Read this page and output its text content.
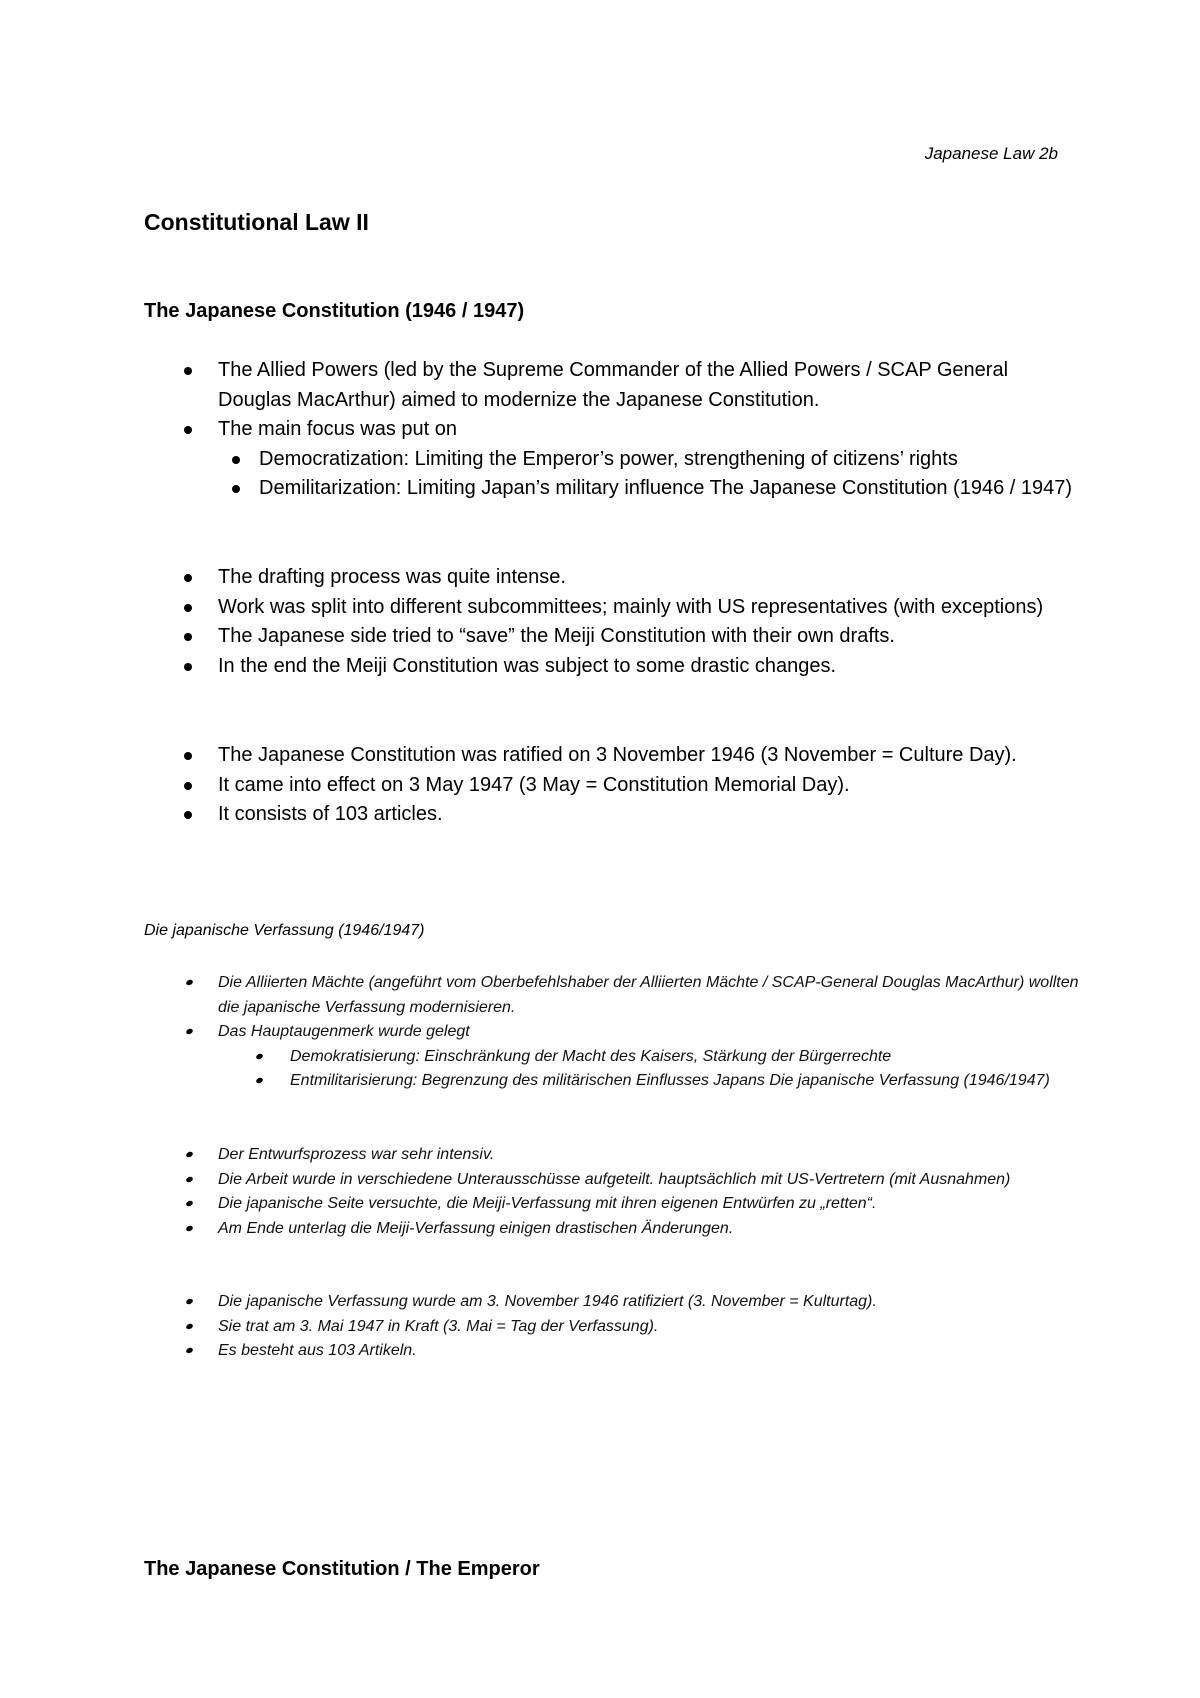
Japanese Law 2b
Constitutional Law II
The Japanese Constitution (1946 / 1947)
The Allied Powers (led by the Supreme Commander of the Allied Powers / SCAP General Douglas MacArthur) aimed to modernize the Japanese Constitution.
The main focus was put on
Democratization: Limiting the Emperor’s power, strengthening of citizens’ rights
Demilitarization: Limiting Japan’s military influence The Japanese Constitution (1946 / 1947)
The drafting process was quite intense.
Work was split into different subcommittees; mainly with US representatives (with exceptions)
The Japanese side tried to “save” the Meiji Constitution with their own drafts.
In the end the Meiji Constitution was subject to some drastic changes.
The Japanese Constitution was ratified on 3 November 1946 (3 November = Culture Day).
It came into effect on 3 May 1947 (3 May = Constitution Memorial Day).
It consists of 103 articles.
Die japanische Verfassung (1946/1947)
Die Alliierten Mächte (angeführt vom Oberbefehlshaber der Alliierten Mächte / SCAP-General Douglas MacArthur) wollten die japanische Verfassung modernisieren.
Das Hauptaugenmerk wurde gelegt
Demokratisierung: Einschränkung der Macht des Kaisers, Stärkung der Bürgerrechte
Entmilitarisierung: Begrenzung des militärischen Einflusses Japans Die japanische Verfassung (1946/1947)
Der Entwurfsprozess war sehr intensiv.
Die Arbeit wurde in verschiedene Unterausschüsse aufgeteilt. hauptsächlich mit US-Vertretern (mit Ausnahmen)
Die japanische Seite versuchte, die Meiji-Verfassung mit ihren eigenen Entwürfen zu „retten“.
Am Ende unterlag die Meiji-Verfassung einigen drastischen Änderungen.
Die japanische Verfassung wurde am 3. November 1946 ratifiziert (3. November = Kulturtag).
Sie trat am 3. Mai 1947 in Kraft (3. Mai = Tag der Verfassung).
Es besteht aus 103 Artikeln.
The Japanese Constitution / The Emperor
